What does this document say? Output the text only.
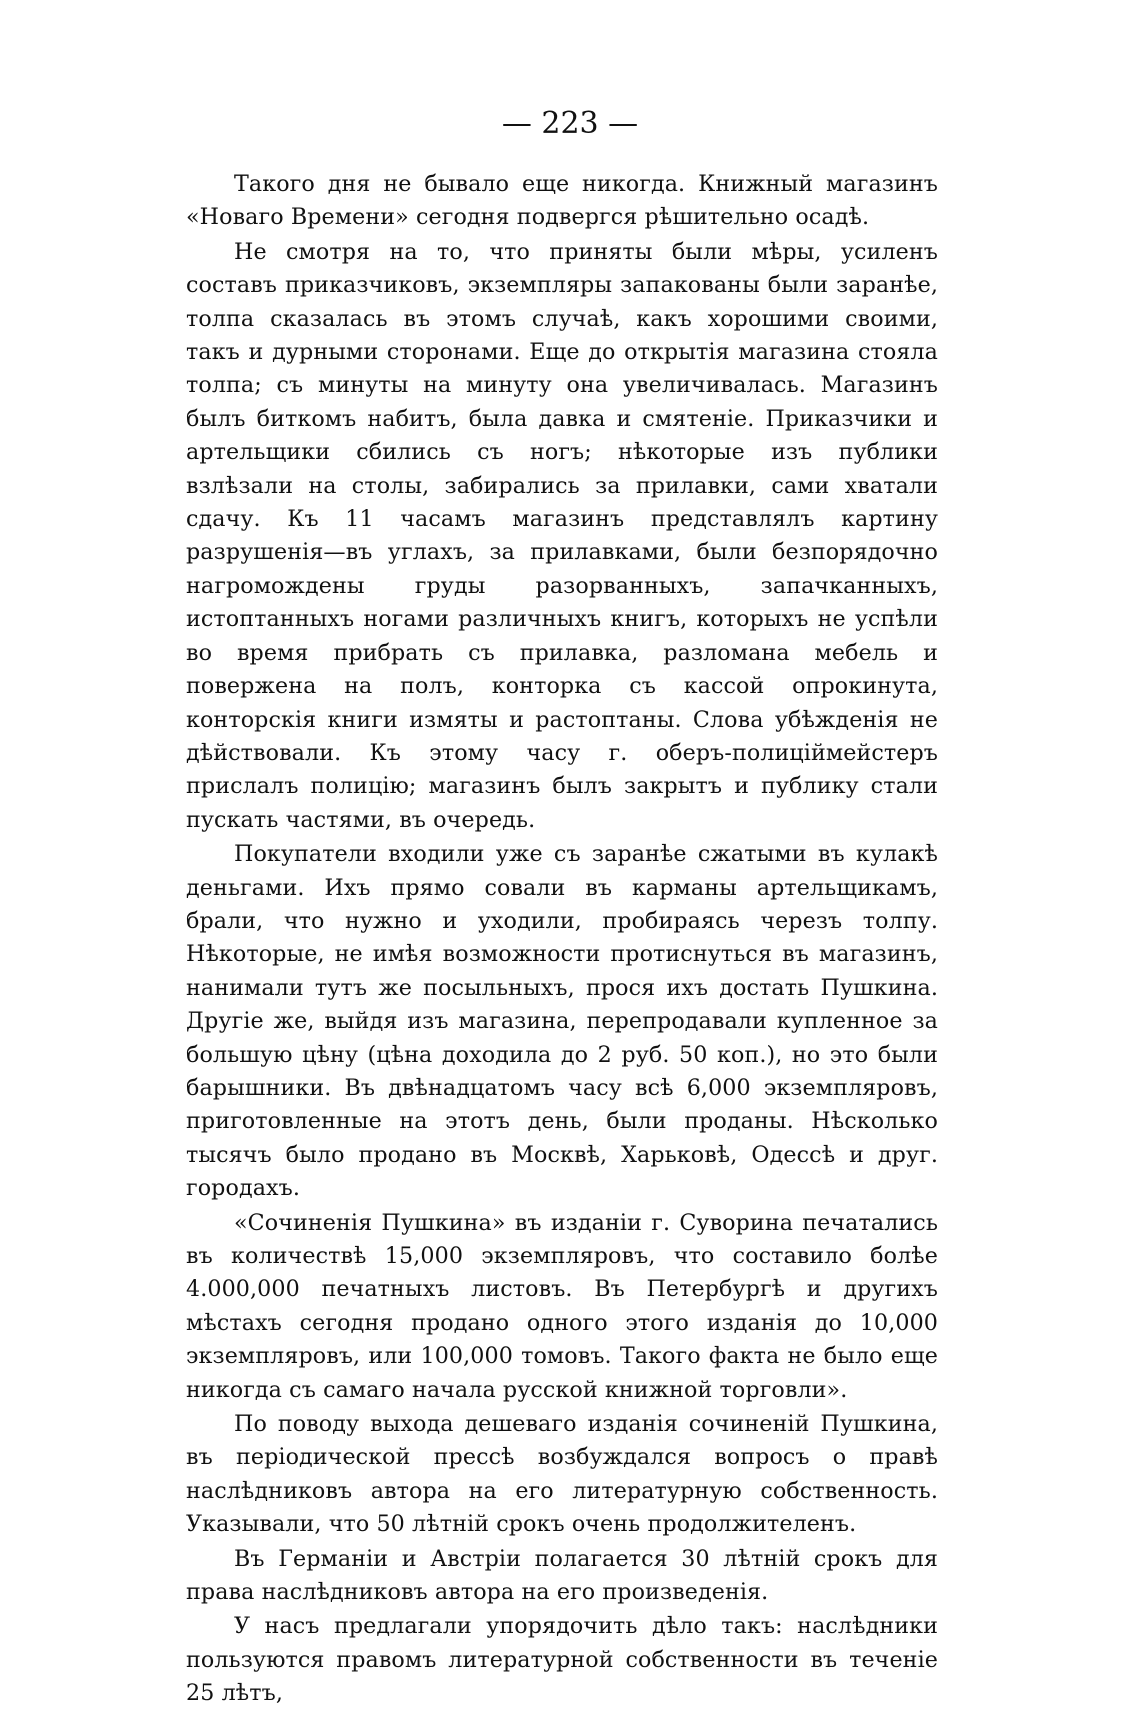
— 223 —

Такого дня не бывало еще никогда. Книжный магазинъ «Новаго Времени» сегодня подвергся рѣшительно осадѣ.

Не смотря на то, что приняты были мѣры, усиленъ составъ приказчиковъ, экземпляры запакованы были заранѣе, толпа сказалась въ этомъ случаѣ, какъ хорошими своими, такъ и дурными сторонами. Еще до открытія магазина стояла толпа; съ минуты на минуту она увеличивалась. Магазинъ былъ биткомъ набитъ, была давка и смятеніе. Приказчики и артельщики сбились съ ногъ; нѣкоторые изъ публики взлѣзали на столы, забирались за прилавки, сами хватали сдачу. Къ 11 часамъ магазинъ представлялъ картину разрушенія—въ углахъ, за прилавками, были безпорядочно нагромождены груды разорванныхъ, запачканныхъ, истоптанныхъ ногами различныхъ книгъ, которыхъ не успѣли во время прибрать съ прилавка, разломана мебель и повержена на полъ, конторка съ кассой опрокинута, конторскія книги измяты и растоптаны. Слова убѣжденія не дѣйствовали. Къ этому часу г. оберъ-полиціймейстеръ прислалъ полицію; магазинъ былъ закрытъ и публику стали пускать частями, въ очередь.

Покупатели входили уже съ заранѣе сжатыми въ кулакѣ деньгами. Ихъ прямо совали въ карманы артельщикамъ, брали, что нужно и уходили, пробираясь черезъ толпу. Нѣкоторые, не имѣя возможности протиснуться въ магазинъ, нанимали тутъ же посыльныхъ, прося ихъ достать Пушкина. Другіе же, выйдя изъ магазина, перепродавали купленное за большую цѣну (цѣна доходила до 2 руб. 50 коп.), но это были барышники. Въ двѣнадцатомъ часу всѣ 6,000 экземпляровъ, приготовленные на этотъ день, были проданы. Нѣсколько тысячъ было продано въ Москвѣ, Харьковѣ, Одессѣ и друг. городахъ.

«Сочиненія Пушкина» въ изданіи г. Суворина печатались въ количествѣ 15,000 экземпляровъ, что составило болѣе 4.000,000 печатныхъ листовъ. Въ Петербургѣ и другихъ мѣстахъ сегодня продано одного этого изданія до 10,000 экземпляровъ, или 100,000 томовъ. Такого факта не было еще никогда съ самаго начала русской книжной торговли».

По поводу выхода дешеваго изданія сочиненій Пушкина, въ періодической прессѣ возбуждался вопросъ о правѣ наслѣдниковъ автора на его литературную собственность. Указывали, что 50 лѣтній срокъ очень продолжителенъ.

Въ Германіи и Австріи полагается 30 лѣтній срокъ для права наслѣдниковъ автора на его произведенія.

У насъ предлагали упорядочить дѣло такъ: наслѣдники пользуются правомъ литературной собственности въ теченіе 25 лѣтъ,
